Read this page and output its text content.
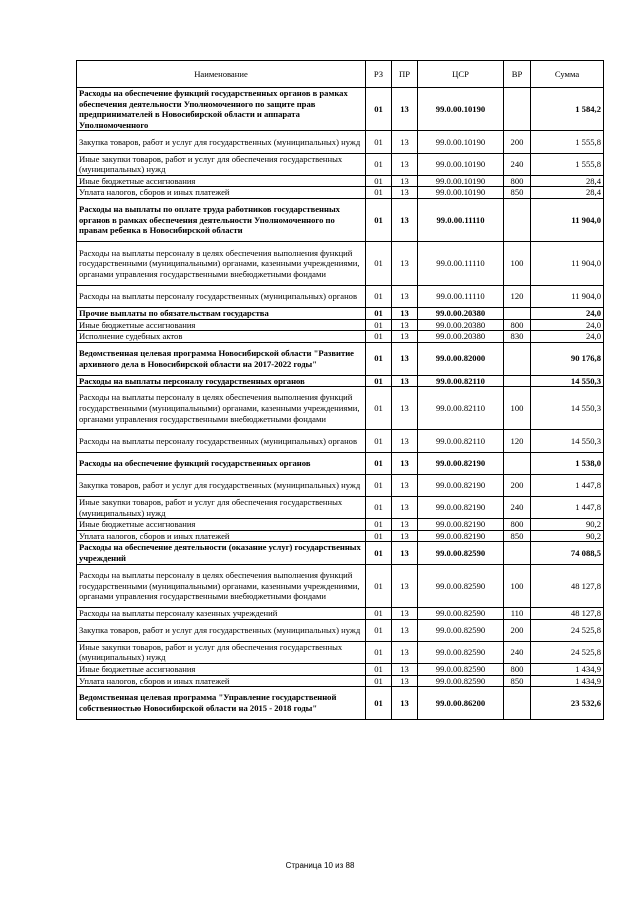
Наименование	РЗ	ПР	ЦСР	ВР	Сумма
Расходы на обеспечение функций государственных органов в рамках обеспечения деятельности Уполномоченного по защите прав предпринимателей в Новосибирской области и аппарата Уполномоченного	01	13	99.0.00.10190		1 584,2
Закупка товаров, работ и услуг для государственных (муниципальных) нужд	01	13	99.0.00.10190	200	1 555,8
Иные закупки товаров, работ и услуг для обеспечения государственных (муниципальных) нужд	01	13	99.0.00.10190	240	1 555,8
Иные бюджетные ассигнования	01	13	99.0.00.10190	800	28,4
Уплата налогов, сборов и иных платежей	01	13	99.0.00.10190	850	28,4
Расходы на выплаты по оплате труда работников государственных органов в рамках обеспечения деятельности Уполномоченного по правам ребенка в Новосибирской области	01	13	99.0.00.11110		11 904,0
Расходы на выплаты персоналу в целях обеспечения выполнения функций государственными (муниципальными) органами, казенными учреждениями, органами управления государственными внебюджетными фондами	01	13	99.0.00.11110	100	11 904,0
Расходы на выплаты персоналу государственных (муниципальных) органов	01	13	99.0.00.11110	120	11 904,0
Прочие выплаты по обязательствам государства	01	13	99.0.00.20380		24,0
Иные бюджетные ассигнования	01	13	99.0.00.20380	800	24,0
Исполнение судебных актов	01	13	99.0.00.20380	830	24,0
Ведомственная целевая программа Новосибирской области "Развитие архивного дела в Новосибирской области на 2017-2022 годы"	01	13	99.0.00.82000		90 176,8
Расходы на выплаты персоналу государственных органов	01	13	99.0.00.82110		14 550,3
Расходы на выплаты персоналу в целях обеспечения выполнения функций государственными (муниципальными) органами, казенными учреждениями, органами управления государственными внебюджетными фондами	01	13	99.0.00.82110	100	14 550,3
Расходы на выплаты персоналу государственных (муниципальных) органов	01	13	99.0.00.82110	120	14 550,3
Расходы на обеспечение функций государственных органов	01	13	99.0.00.82190		1 538,0
Закупка товаров, работ и услуг для государственных (муниципальных) нужд	01	13	99.0.00.82190	200	1 447,8
Иные закупки товаров, работ и услуг для обеспечения государственных (муниципальных) нужд	01	13	99.0.00.82190	240	1 447,8
Иные бюджетные ассигнования	01	13	99.0.00.82190	800	90,2
Уплата налогов, сборов и иных платежей	01	13	99.0.00.82190	850	90,2
Расходы на обеспечение деятельности (оказание услуг) государственных учреждений	01	13	99.0.00.82590		74 088,5
Расходы на выплаты персоналу в целях обеспечения выполнения функций государственными (муниципальными) органами, казенными учреждениями, органами управления государственными внебюджетными фондами	01	13	99.0.00.82590	100	48 127,8
Расходы на выплаты персоналу казенных учреждений	01	13	99.0.00.82590	110	48 127,8
Закупка товаров, работ и услуг для государственных (муниципальных) нужд	01	13	99.0.00.82590	200	24 525,8
Иные закупки товаров, работ и услуг для обеспечения государственных (муниципальных) нужд	01	13	99.0.00.82590	240	24 525,8
Иные бюджетные ассигнования	01	13	99.0.00.82590	800	1 434,9
Уплата налогов, сборов и иных платежей	01	13	99.0.00.82590	850	1 434,9
Ведомственная целевая программа "Управление государственной собственностью Новосибирской области на 2015 - 2018 годы"	01	13	99.0.00.86200		23 532,6
Страница 10 из 88
